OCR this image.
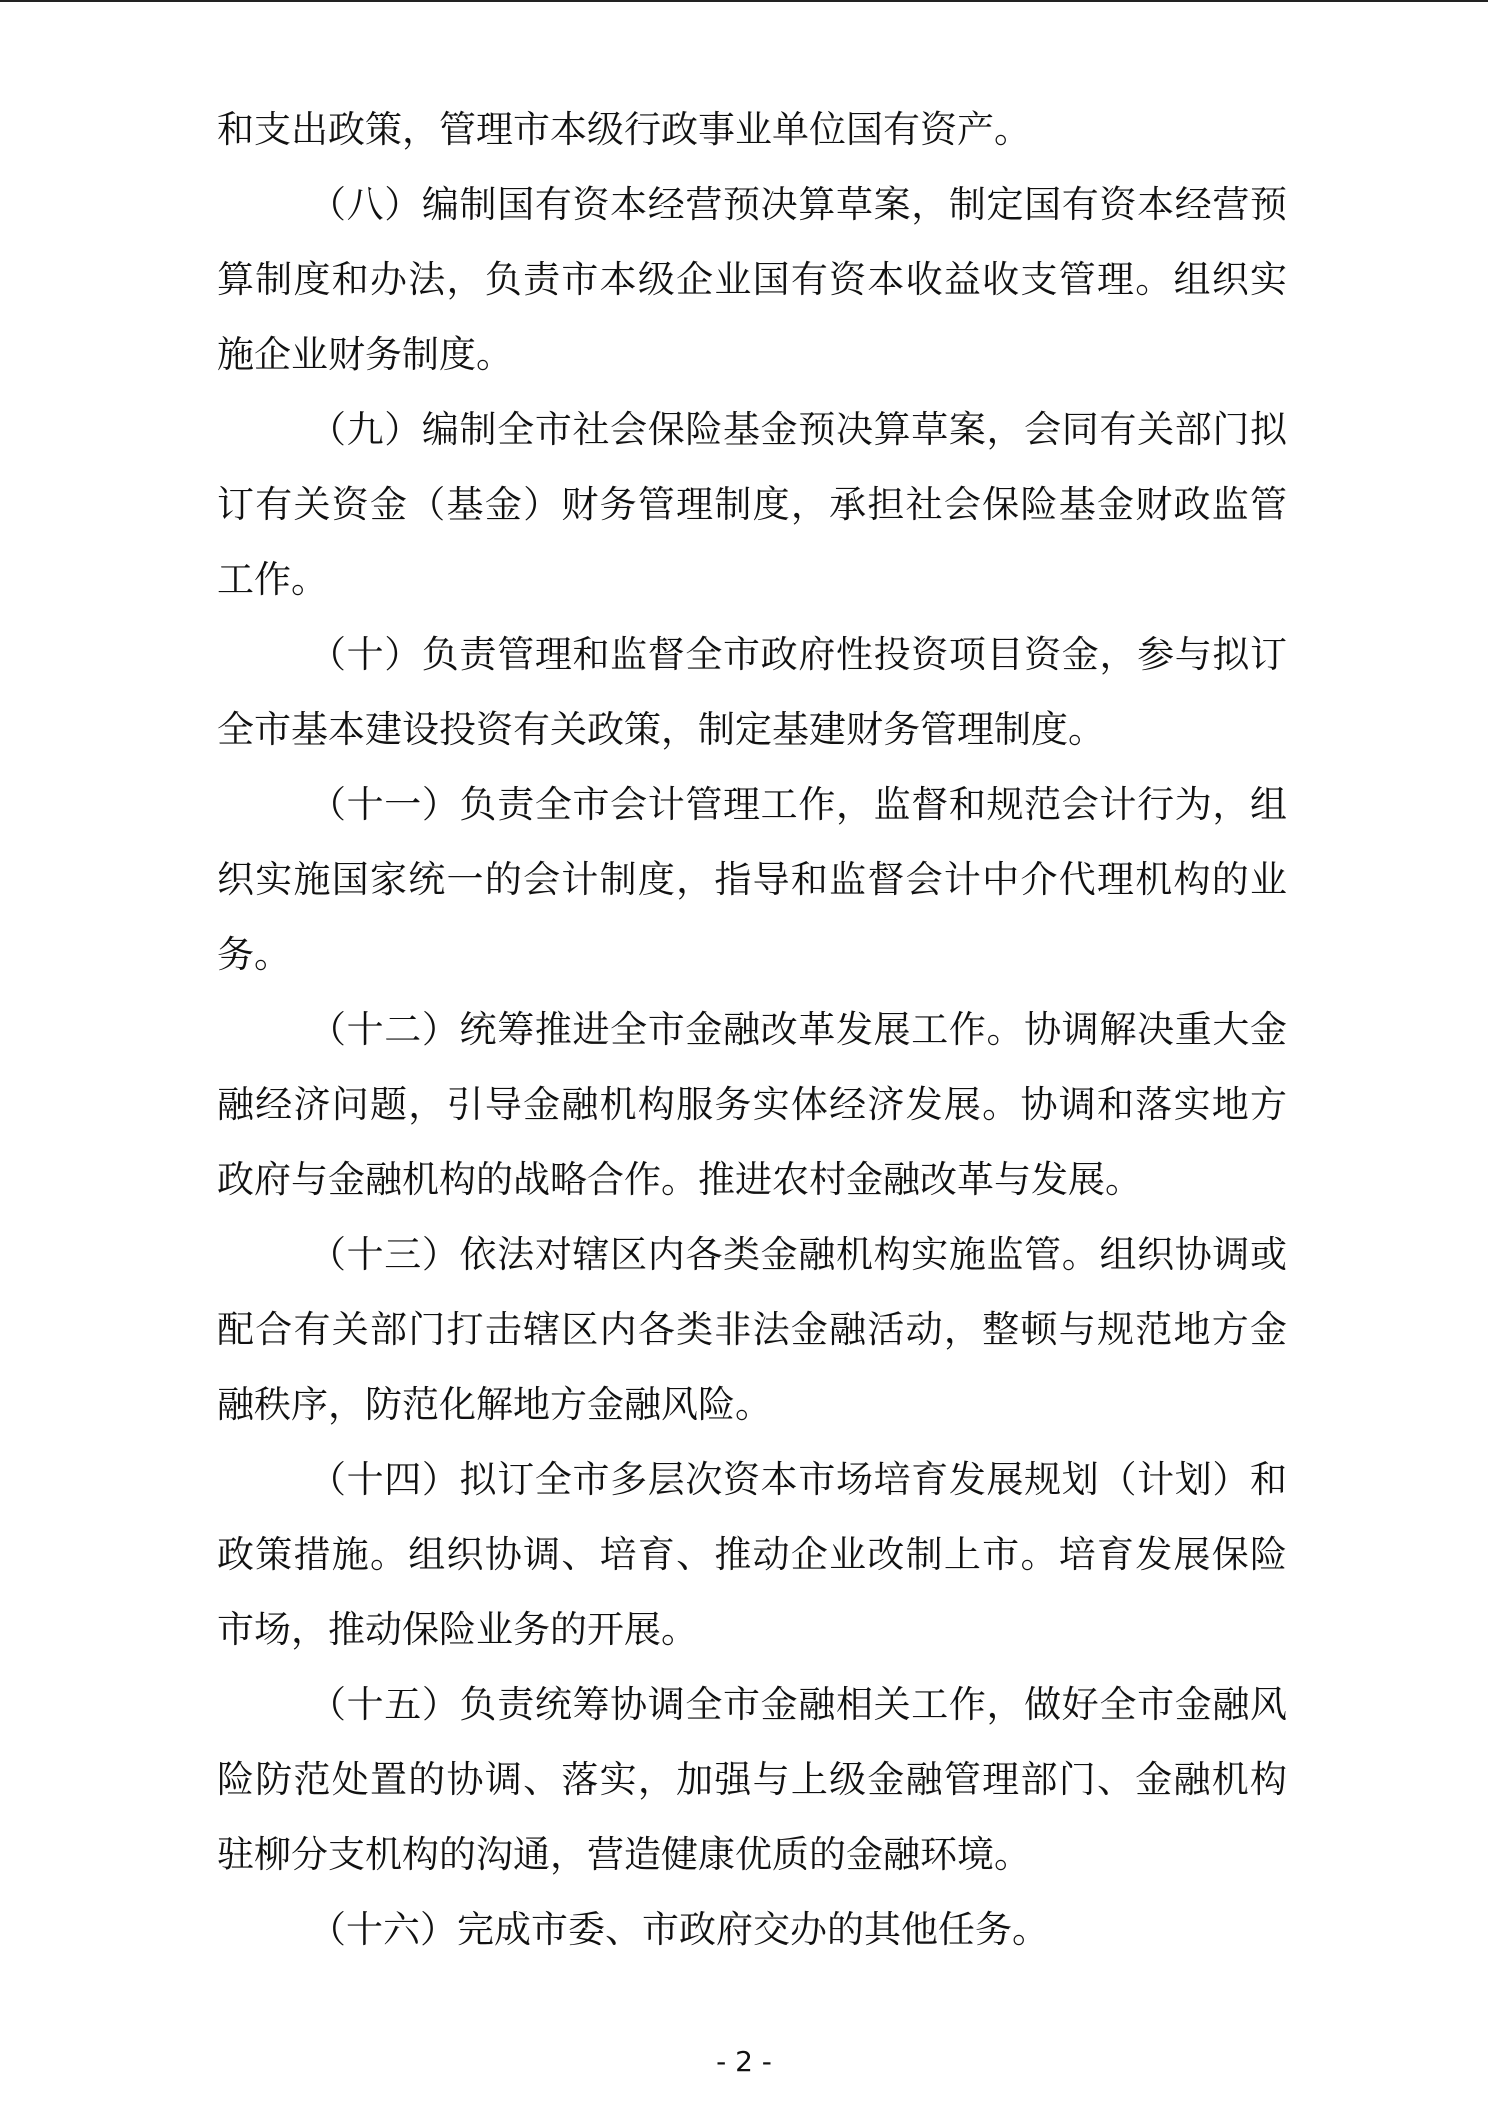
和支出政策，管理市本级行政事业单位国有资产。

（八）编制国有资本经营预决算草案，制定国有资本经营预算制度和办法，负责市本级企业国有资本收益收支管理。组织实施企业财务制度。

（九）编制全市社会保险基金预决算草案，会同有关部门拟订有关资金（基金）财务管理制度，承担社会保险基金财政监管工作。

（十）负责管理和监督全市政府性投资项目资金，参与拟订全市基本建设投资有关政策，制定基建财务管理制度。

（十一）负责全市会计管理工作，监督和规范会计行为，组织实施国家统一的会计制度，指导和监督会计中介代理机构的业务。

（十二）统筹推进全市金融改革发展工作。协调解决重大金融经济问题，引导金融机构服务实体经济发展。协调和落实地方政府与金融机构的战略合作。推进农村金融改革与发展。

（十三）依法对辖区内各类金融机构实施监管。组织协调或配合有关部门打击辖区内各类非法金融活动，整顿与规范地方金融秩序，防范化解地方金融风险。

（十四）拟订全市多层次资本市场培育发展规划（计划）和政策措施。组织协调、培育、推动企业改制上市。培育发展保险市场，推动保险业务的开展。

（十五）负责统筹协调全市金融相关工作，做好全市金融风险防范处置的协调、落实，加强与上级金融管理部门、金融机构驻柳分支机构的沟通，营造健康优质的金融环境。

（十六）完成市委、市政府交办的其他任务。

- 2 -
